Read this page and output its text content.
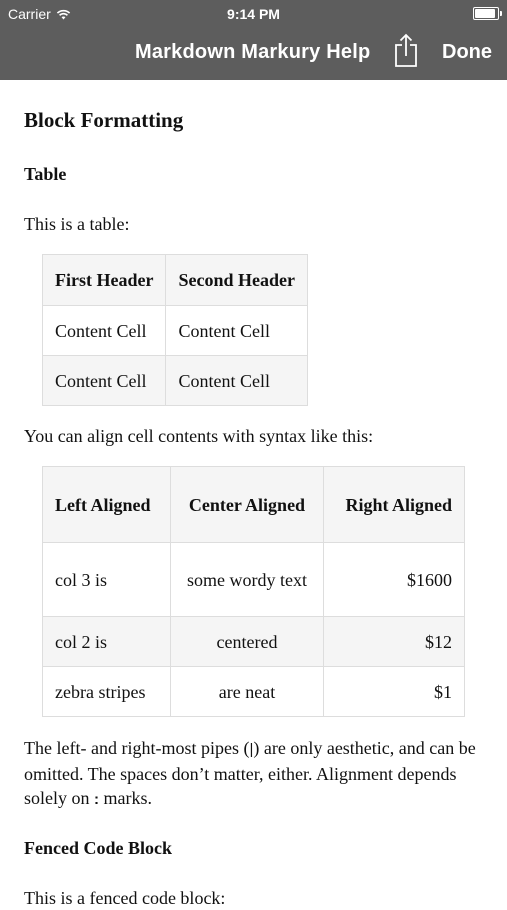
Carrier	9:14 PM
Markdown Markury Help	Done
Block Formatting
Table

This is a table:

First Header	Second Header
Content Cell	Content Cell
Content Cell	Content Cell

You can align cell contents with syntax like this:

Left Aligned	Center Aligned	Right Aligned
col 3 is	some wordy text	$1600
col 2 is	centered	$12
zebra stripes	are neat	$1

The left- and right-most pipes (|) are only aesthetic, and can be omitted. The spaces don’t matter, either. Alignment depends solely on : marks.

Fenced Code Block

This is a fenced code block:
